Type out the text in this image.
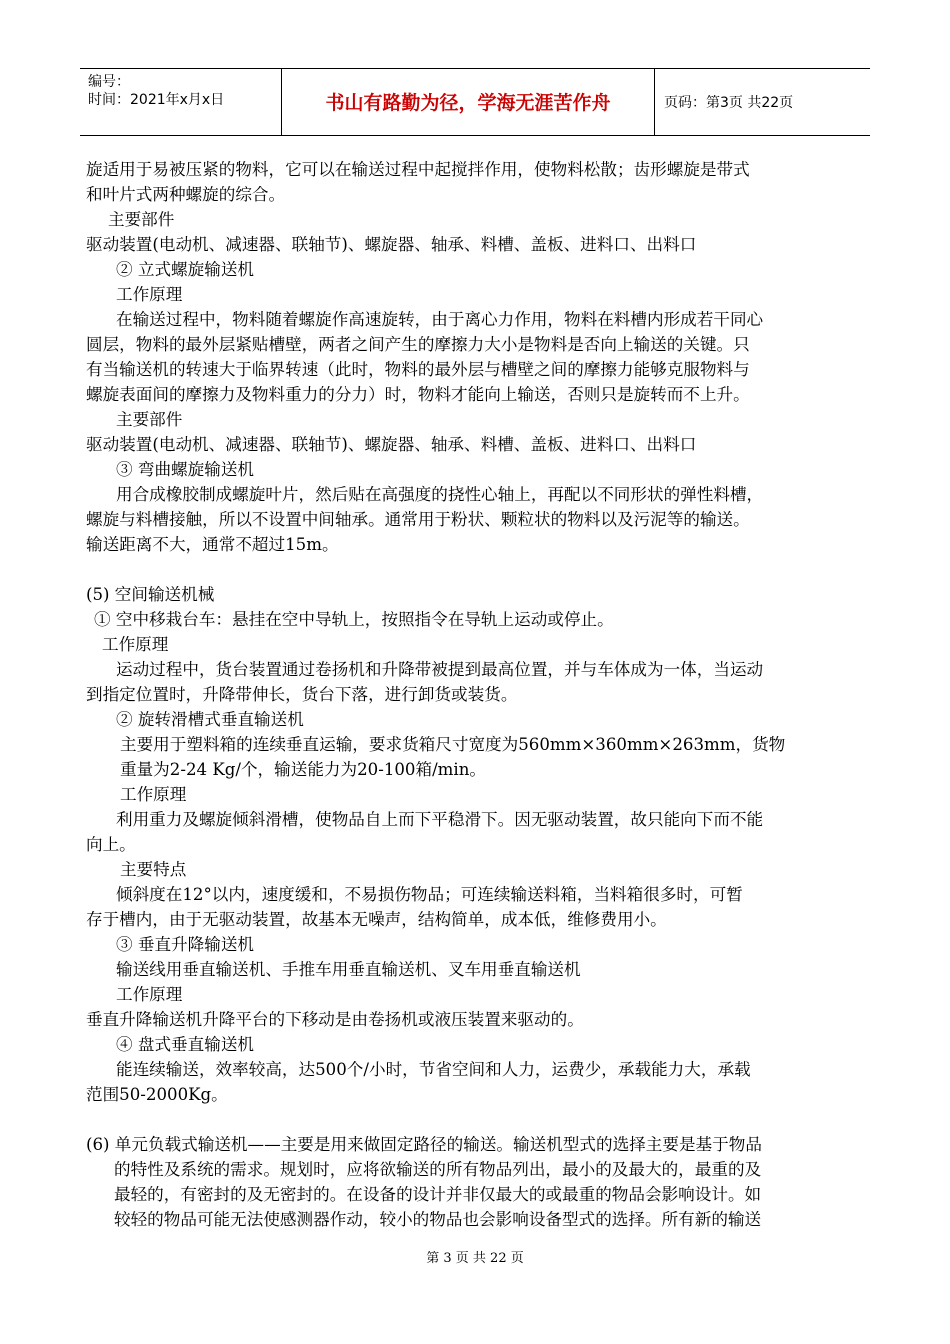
编号：
时间：2021年x月x日	书山有路勤为径，学海无涯苦作舟	页码：第3页 共22页
旋适用于易被压紧的物料，它可以在输送过程中起搅拌作用，使物料松散；齿形螺旋是带式
和叶片式两种螺旋的综合。
主要部件
驱动装置(电动机、减速器、联轴节)、螺旋器、轴承、料槽、盖板、进料口、出料口
② 立式螺旋输送机
工作原理
在输送过程中，物料随着螺旋作高速旋转，由于离心力作用，物料在料槽内形成若干同心
圆层，物料的最外层紧贴槽壁，两者之间产生的摩擦力大小是物料是否向上输送的关键。只
有当输送机的转速大于临界转速（此时，物料的最外层与槽壁之间的摩擦力能够克服物料与
螺旋表面间的摩擦力及物料重力的分力）时，物料才能向上输送，否则只是旋转而不上升。
主要部件
驱动装置(电动机、减速器、联轴节)、螺旋器、轴承、料槽、盖板、进料口、出料口
③ 弯曲螺旋输送机
用合成橡胶制成螺旋叶片，然后贴在高强度的挠性心轴上，再配以不同形状的弹性料槽，
螺旋与料槽接触，所以不设置中间轴承。通常用于粉状、颗粒状的物料以及污泥等的输送。
输送距离不大，通常不超过15m。
(5) 空间输送机械
① 空中移栽台车：悬挂在空中导轨上，按照指令在导轨上运动或停止。
工作原理
运动过程中，货台装置通过卷扬机和升降带被提到最高位置，并与车体成为一体，当运动
到指定位置时，升降带伸长，货台下落，进行卸货或装货。
② 旋转滑槽式垂直输送机
主要用于塑料箱的连续垂直运输，要求货箱尺寸宽度为560mm×360mm×263mm，货物
重量为2-24 Kg/个，输送能力为20-100箱/min。
工作原理
利用重力及螺旋倾斜滑槽，使物品自上而下平稳滑下。因无驱动装置，故只能向下而不能
向上。
主要特点
倾斜度在12°以内，速度缓和，不易损伤物品；可连续输送料箱，当料箱很多时，可暂
存于槽内，由于无驱动装置，故基本无噪声，结构简单，成本低，维修费用小。
③ 垂直升降输送机
输送线用垂直输送机、手推车用垂直输送机、叉车用垂直输送机
工作原理
垂直升降输送机升降平台的下移动是由卷扬机或液压装置来驱动的。
④ 盘式垂直输送机
能连续输送，效率较高，达500个/小时，节省空间和人力，运费少，承载能力大，承载
范围50-2000Kg。
(6) 单元负载式输送机——主要是用来做固定路径的输送。输送机型式的选择主要是基于物品
的特性及系统的需求。规划时，应将欲输送的所有物品列出，最小的及最大的，最重的及
最轻的，有密封的及无密封的。在设备的设计并非仅最大的或最重的物品会影响设计。如
较轻的物品可能无法使感测器作动，较小的物品也会影响设备型式的选择。所有新的输送
第 3 页 共 22 页
